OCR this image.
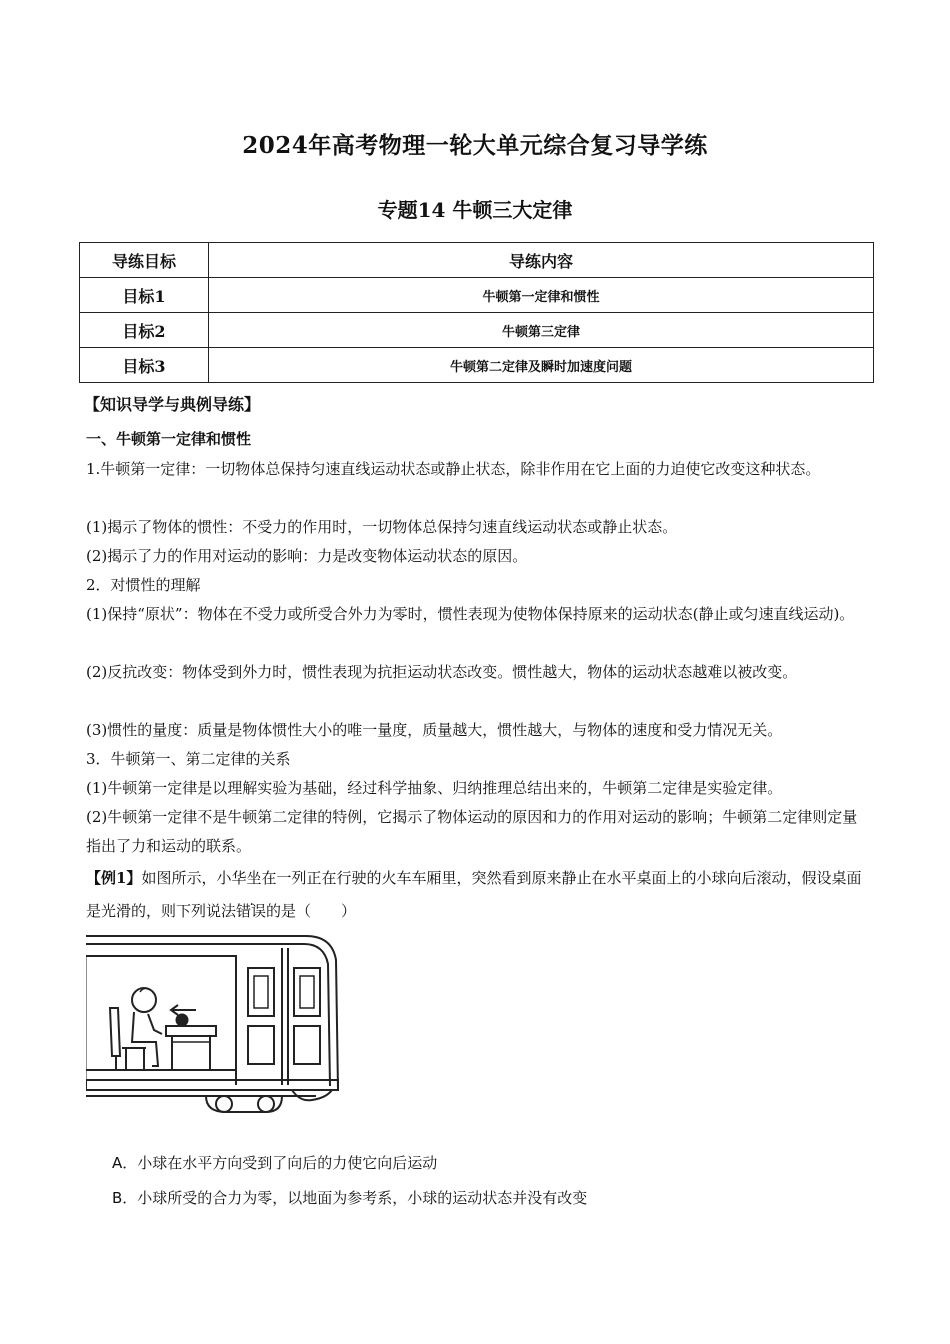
2024年高考物理一轮大单元综合复习导学练
专题14 牛顿三大定律
导练目标	导练内容
目标1	牛顿第一定律和惯性
目标2	牛顿第三定律
目标3	牛顿第二定律及瞬时加速度问题
【知识导学与典例导练】
一、牛顿第一定律和惯性
1.牛顿第一定律：一切物体总保持匀速直线运动状态或静止状态，除非作用在它上面的力迫使它改变这种状态。
(1)揭示了物体的惯性：不受力的作用时，一切物体总保持匀速直线运动状态或静止状态。
(2)揭示了力的作用对运动的影响：力是改变物体运动状态的原因。
2．对惯性的理解
(1)保持“原状”：物体在不受力或所受合外力为零时，惯性表现为使物体保持原来的运动状态(静止或匀速直线运动)。
(2)反抗改变：物体受到外力时，惯性表现为抗拒运动状态改变。惯性越大，物体的运动状态越难以被改变。
(3)惯性的量度：质量是物体惯性大小的唯一量度，质量越大，惯性越大，与物体的速度和受力情况无关。
3．牛顿第一、第二定律的关系
(1)牛顿第一定律是以理解实验为基础，经过科学抽象、归纳推理总结出来的，牛顿第二定律是实验定律。
(2)牛顿第一定律不是牛顿第二定律的特例，它揭示了物体运动的原因和力的作用对运动的影响；牛顿第二定律则定量指出了力和运动的联系。
【例1】如图所示，小华坐在一列正在行驶的火车车厢里，突然看到原来静止在水平桌面上的小球向后滚动，假设桌面是光滑的，则下列说法错误的是（　　）
A．小球在水平方向受到了向后的力使它向后运动
B．小球所受的合力为零，以地面为参考系，小球的运动状态并没有改变
